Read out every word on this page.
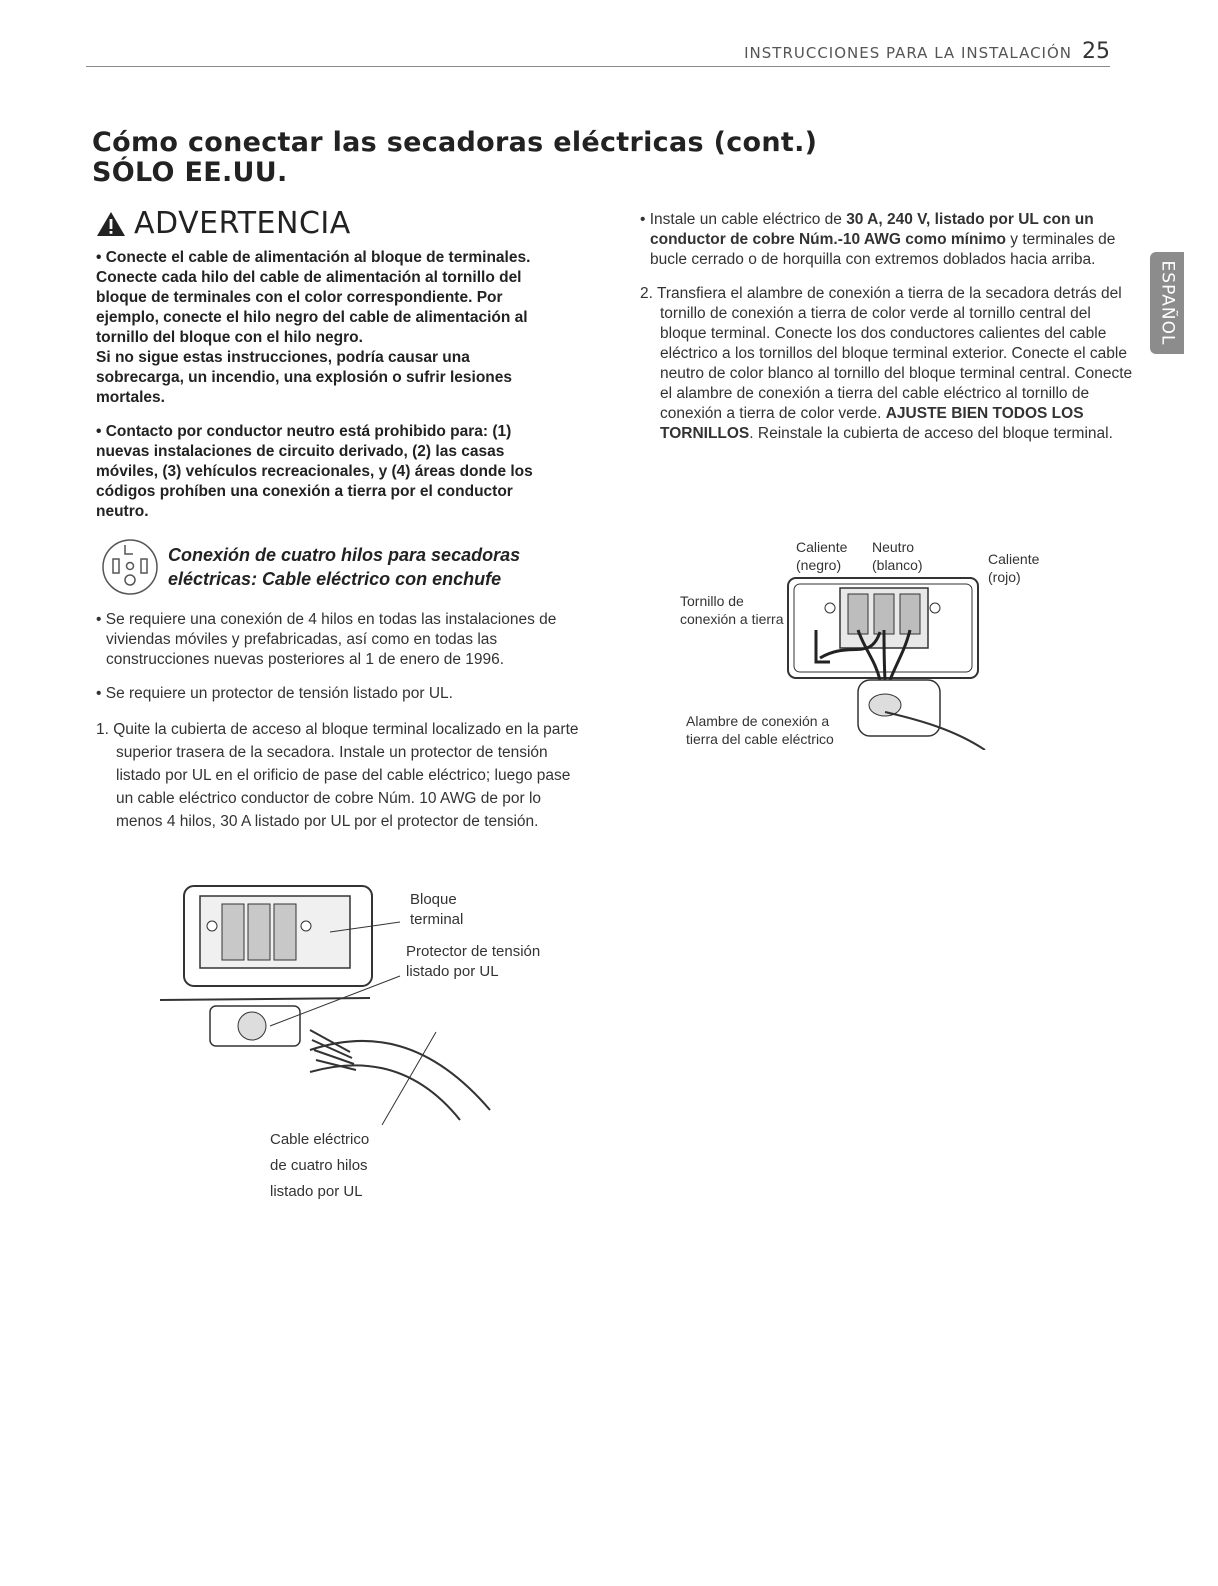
INSTRUCCIONES PARA LA INSTALACIÓN 25
Cómo conectar las secadoras eléctricas (cont.)
SÓLO EE.UU.
ESPAÑOL
ADVERTENCIA
• Conecte el cable de alimentación al bloque de terminales.
Conecte cada hilo del cable de alimentación al tornillo del
bloque de terminales con el color correspondiente. Por
ejemplo, conecte el hilo negro del cable de alimentación al
tornillo del bloque con el hilo negro.
Si no sigue estas instrucciones, podría causar una
sobrecarga, un incendio, una explosión o sufrir lesiones
mortales.
• Contacto por conductor neutro está prohibido para: (1)
nuevas instalaciones de circuito derivado, (2) las casas
móviles, (3) vehículos recreacionales, y (4) áreas donde los
códigos prohíben una conexión a tierra por el conductor
neutro.
Conexión de cuatro hilos para secadoras
eléctricas: Cable eléctrico con enchufe

• Se requiere una conexión de 4 hilos en todas las instalaciones de viviendas móviles y prefabricadas, así como en todas las construcciones nuevas posteriores al 1 de enero de 1996.

• Se requiere un protector de tensión listado por UL.

1. Quite la cubierta de acceso al bloque terminal localizado en la parte superior trasera de la secadora. Instale un protector de tensión listado por UL en el orificio de pase del cable eléctrico; luego pase un cable eléctrico conductor de cobre Núm. 10 AWG de por lo menos 4 hilos, 30 A listado por UL por el protector de tensión.

• Instale un cable eléctrico de 30 A, 240 V, listado por UL con un conductor de cobre Núm.-10 AWG como mínimo y terminales de bucle cerrado o de horquilla con extremos doblados hacia arriba.

2. Transfiera el alambre de conexión a tierra de la secadora detrás del tornillo de conexión a tierra de color verde al tornillo central del bloque terminal. Conecte los dos conductores calientes del cable eléctrico a los tornillos del bloque terminal exterior. Conecte el cable neutro de color blanco al tornillo del bloque terminal central. Conecte el alambre de conexión a tierra del cable eléctrico al tornillo de conexión a tierra de color verde. AJUSTE BIEN TODOS LOS TORNILLOS. Reinstale la cubierta de acceso del bloque terminal.

Caliente (negro)
Neutro (blanco)	Caliente (rojo)
Tornillo de conexión a tierra
Alambre de conexión a tierra del cable eléctrico
Bloque terminal
Protector de tensión listado por UL
Cable eléctrico
de cuatro hilos
listado por UL
